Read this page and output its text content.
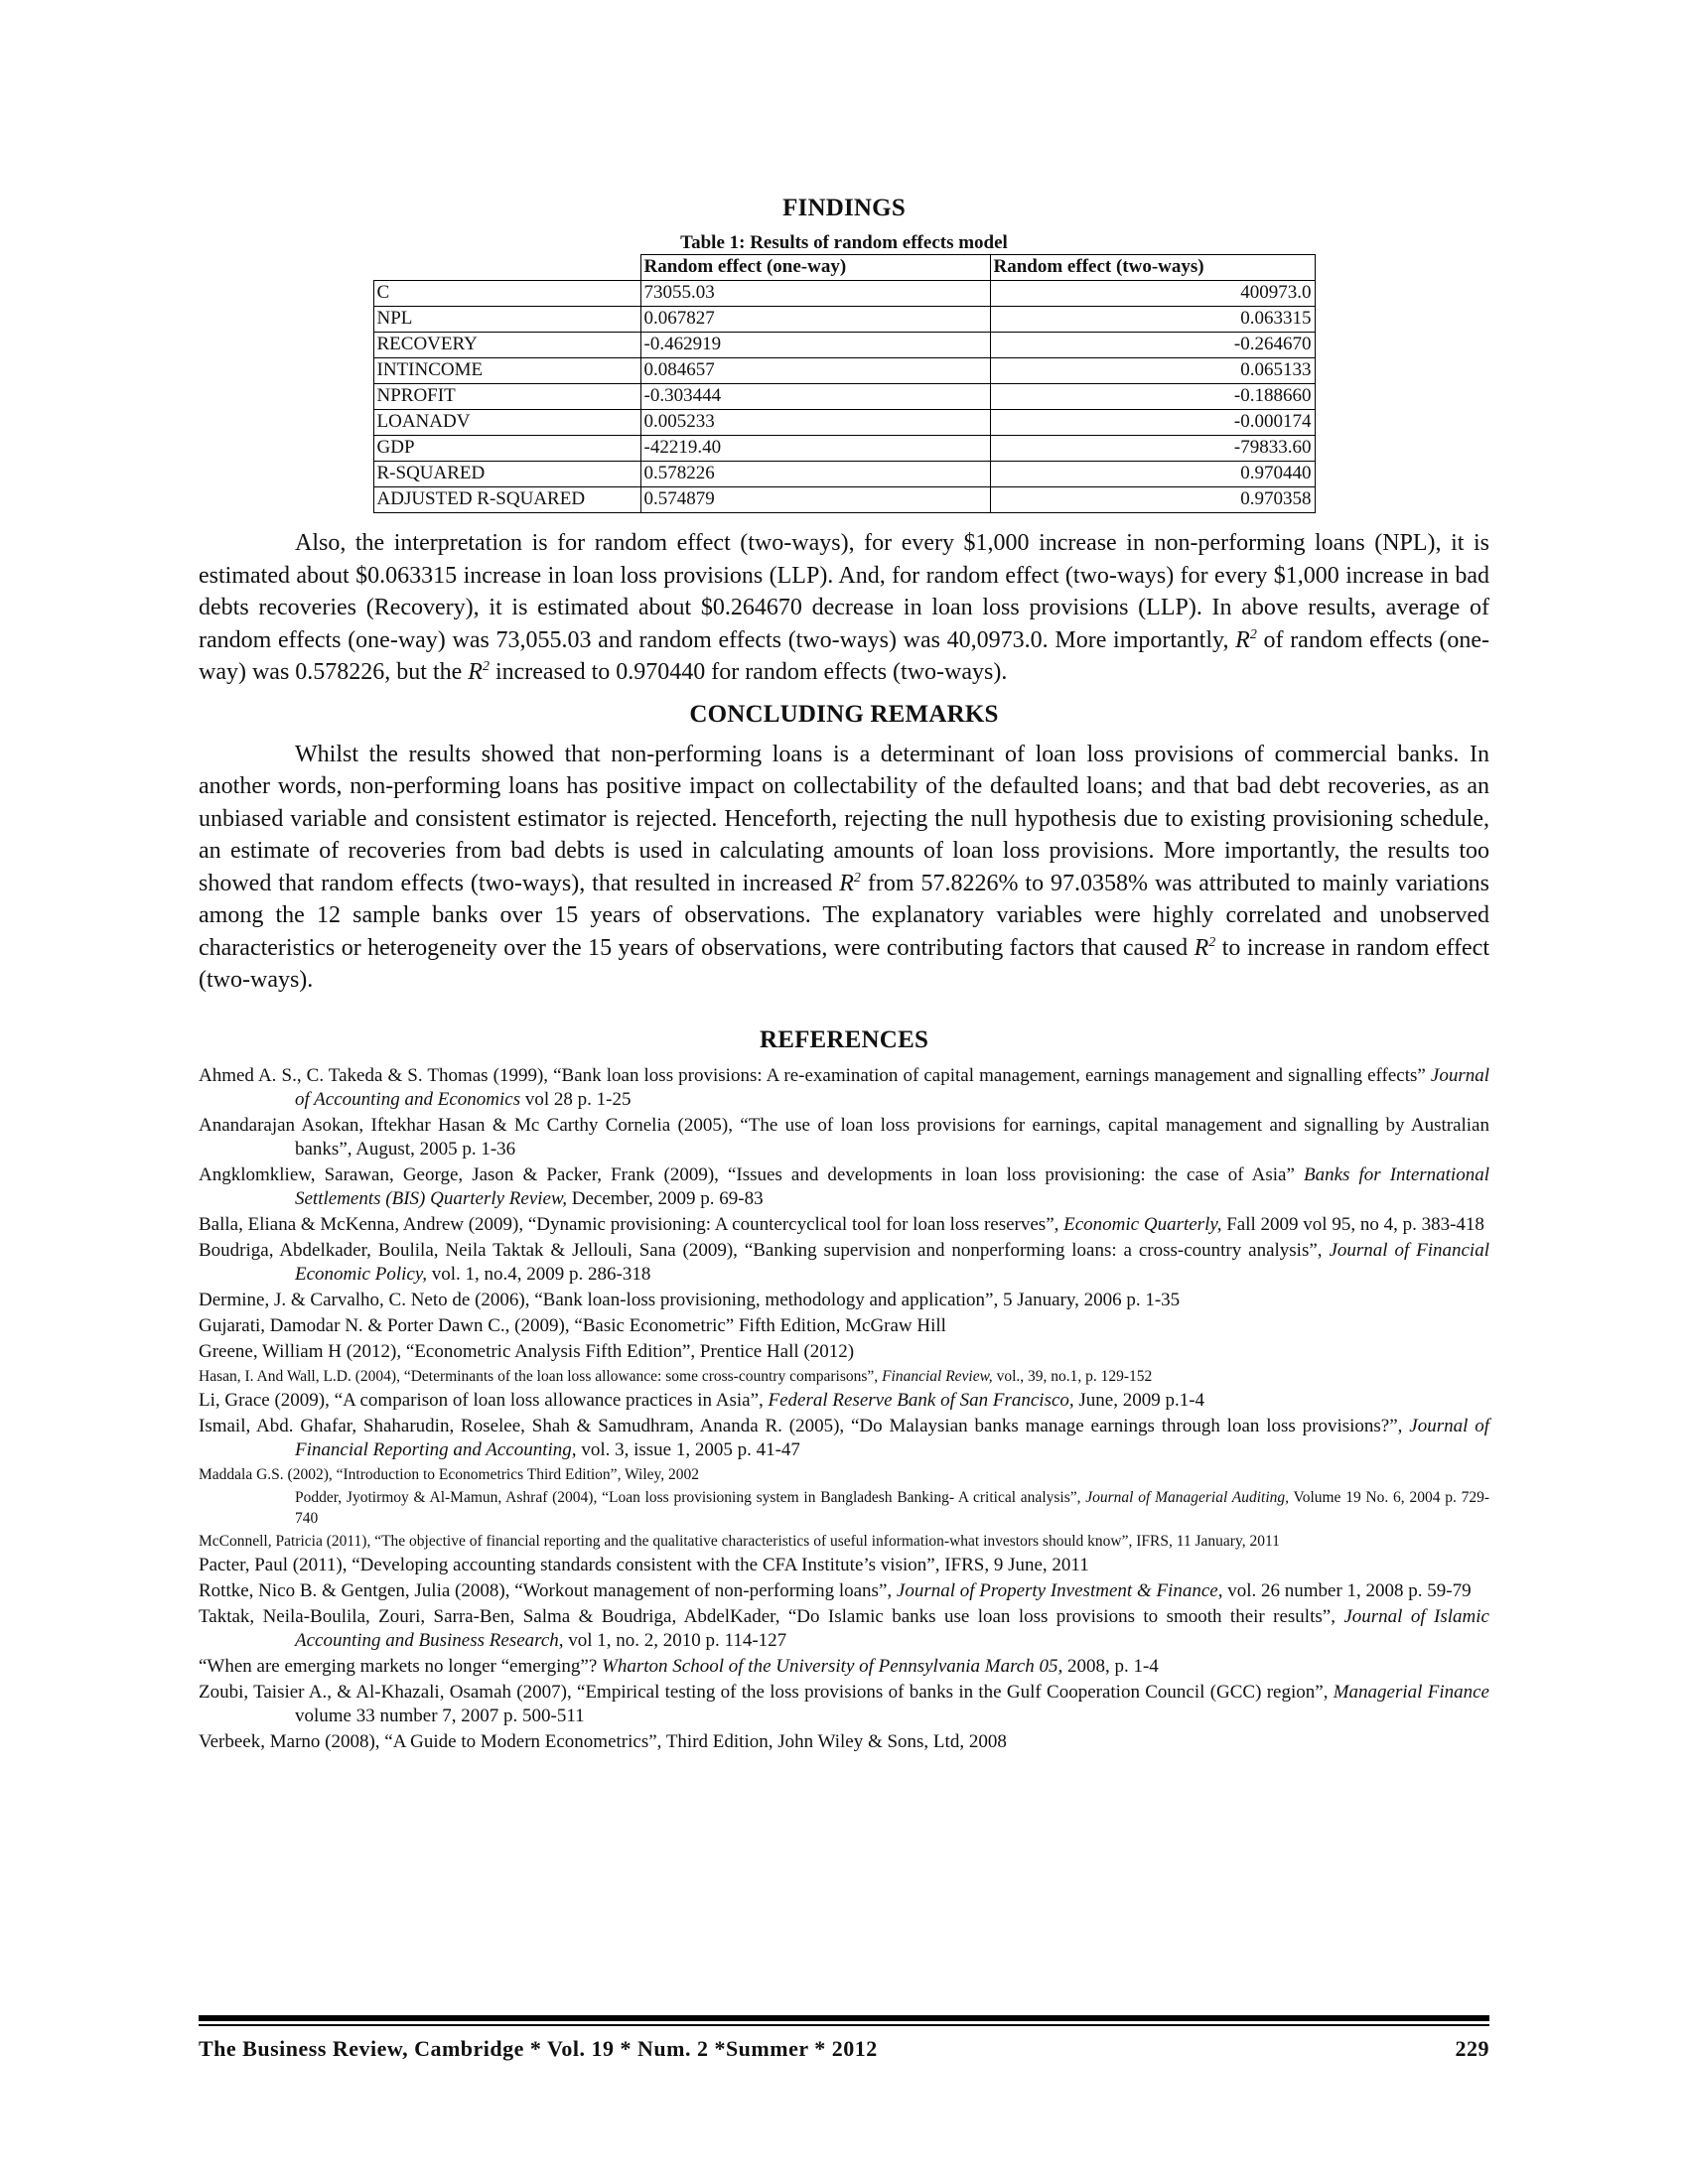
FINDINGS
Table 1: Results of random effects model
	Random effect (one-way)	Random effect (two-ways)
C	73055.03	400973.0
NPL	0.067827	0.063315
RECOVERY	-0.462919	-0.264670
INTINCOME	0.084657	0.065133
NPROFIT	-0.303444	-0.188660
LOANADV	0.005233	-0.000174
GDP	-42219.40	-79833.60
R-SQUARED	0.578226	0.970440
ADJUSTED R-SQUARED	0.574879	0.970358

Also, the interpretation is for random effect (two-ways), for every $1,000 increase in non-performing loans (NPL), it is estimated about $0.063315 increase in loan loss provisions (LLP). And, for random effect (two-ways) for every $1,000 increase in bad debts recoveries (Recovery), it is estimated about $0.264670 decrease in loan loss provisions (LLP). In above results, average of random effects (one-way) was 73,055.03 and random effects (two-ways) was 40,0973.0. More importantly, $R^2$ of random effects (one-way) was 0.578226, but the $R^2$ increased to 0.970440 for random effects (two-ways).

CONCLUDING REMARKS

Whilst the results showed that non-performing loans is a determinant of loan loss provisions of commercial banks. In another words, non-performing loans has positive impact on collectability of the defaulted loans; and that bad debt recoveries, as an unbiased variable and consistent estimator is rejected. Henceforth, rejecting the null hypothesis due to existing provisioning schedule, an estimate of recoveries from bad debts is used in calculating amounts of loan loss provisions. More importantly, the results too showed that random effects (two-ways), that resulted in increased $R^2$ from 57.8226% to 97.0358% was attributed to mainly variations among the 12 sample banks over 15 years of observations. The explanatory variables were highly correlated and unobserved characteristics or heterogeneity over the 15 years of observations, were contributing factors that caused $R^2$ to increase in random effect (two-ways).

REFERENCES

Ahmed A. S., C. Takeda & S. Thomas (1999), “Bank loan loss provisions: A re-examination of capital management, earnings management and signalling effects” Journal of Accounting and Economics vol 28 p. 1-25

Anandarajan Asokan, Iftekhar Hasan & Mc Carthy Cornelia (2005), “The use of loan loss provisions for earnings, capital management and signalling by Australian banks”, August, 2005 p. 1-36

Angklomkliew, Sarawan, George, Jason & Packer, Frank (2009), “Issues and developments in loan loss provisioning: the case of Asia” Banks for International Settlements (BIS) Quarterly Review, December, 2009 p. 69-83

Balla, Eliana & McKenna, Andrew (2009), “Dynamic provisioning: A countercyclical tool for loan loss reserves”, Economic Quarterly, Fall 2009 vol 95, no 4, p. 383-418

Boudriga, Abdelkader, Boulila, Neila Taktak & Jellouli, Sana (2009), “Banking supervision and nonperforming loans: a cross-country analysis”, Journal of Financial Economic Policy, vol. 1, no.4, 2009 p. 286-318

Dermine, J. & Carvalho, C. Neto de (2006), “Bank loan-loss provisioning, methodology and application”, 5 January, 2006 p. 1-35

Gujarati, Damodar N. & Porter Dawn C., (2009), “Basic Econometric” Fifth Edition, McGraw Hill

Greene, William H (2012), “Econometric Analysis Fifth Edition”, Prentice Hall (2012)

Hasan, I. And Wall, L.D. (2004), “Determinants of the loan loss allowance: some cross-country comparisons”, Financial Review, vol., 39, no.1, p. 129-152

Li, Grace (2009), “A comparison of loan loss allowance practices in Asia”, Federal Reserve Bank of San Francisco, June, 2009 p.1-4

Ismail, Abd. Ghafar, Shaharudin, Roselee, Shah & Samudhram, Ananda R. (2005), “Do Malaysian banks manage earnings through loan loss provisions?”, Journal of Financial Reporting and Accounting, vol. 3, issue 1, 2005 p. 41-47

Maddala G.S. (2002), “Introduction to Econometrics Third Edition”, Wiley, 2002

Podder, Jyotirmoy & Al-Mamun, Ashraf (2004), “Loan loss provisioning system in Bangladesh Banking- A critical analysis”, Journal of Managerial Auditing, Volume 19 No. 6, 2004 p. 729-740

McConnell, Patricia (2011), “The objective of financial reporting and the qualitative characteristics of useful information-what investors should know”, IFRS, 11 January, 2011

Pacter, Paul (2011), “Developing accounting standards consistent with the CFA Institute’s vision”, IFRS, 9 June, 2011

Rottke, Nico B. & Gentgen, Julia (2008), “Workout management of non-performing loans”, Journal of Property Investment & Finance, vol. 26 number 1, 2008 p. 59-79

Taktak, Neila-Boulila, Zouri, Sarra-Ben, Salma & Boudriga, AbdelKader, “Do Islamic banks use loan loss provisions to smooth their results”, Journal of Islamic Accounting and Business Research, vol 1, no. 2, 2010 p. 114-127

“When are emerging markets no longer “emerging”? Wharton School of the University of Pennsylvania March 05, 2008, p. 1-4

Zoubi, Taisier A., & Al-Khazali, Osamah (2007), “Empirical testing of the loss provisions of banks in the Gulf Cooperation Council (GCC) region”, Managerial Finance volume 33 number 7, 2007 p. 500-511

Verbeek, Marno (2008), “A Guide to Modern Econometrics”, Third Edition, John Wiley & Sons, Ltd, 2008

The Business Review, Cambridge * Vol. 19 * Num. 2 *Summer * 2012	229
